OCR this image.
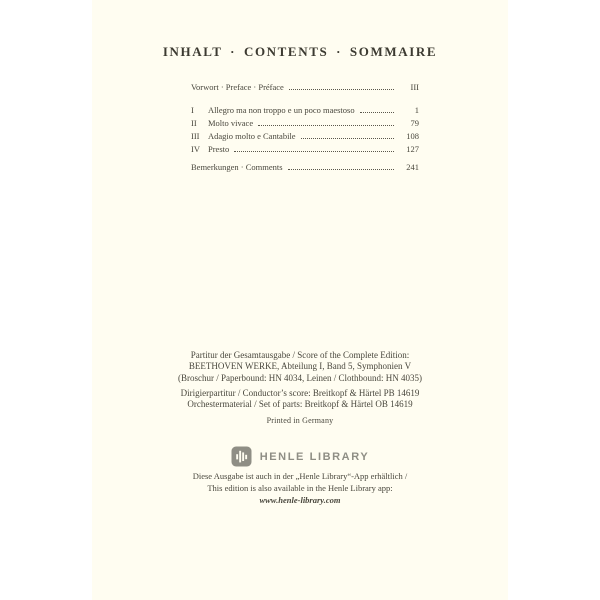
INHALT · CONTENTS · SOMMAIRE
Vorwort · Preface · Préface	III
I	Allegro ma non troppo e un poco maestoso	1
II	Molto vivace	79
III	Adagio molto e Cantabile	108
IV Presto	127
Bemerkungen · Comments	241

Partitur der Gesamtausgabe / Score of the Complete Edition:

BEETHOVEN WERKE, Abteilung I, Band 5, Symphonien V

(Broschur / Paperbound: HN 4034, Leinen / Clothbound: HN 4035)

Dirigierpartitur / Conductor’s score: Breitkopf & Härtel PB 14619

Orchestermaterial / Set of parts: Breitkopf & Härtel OB 14619

Printed in Germany
HENLE LIBRARY

Diese Ausgabe ist auch in der „Henle Library“-App erhältlich /

This edition is also available in the Henle Library app:

www.henle-library.com
